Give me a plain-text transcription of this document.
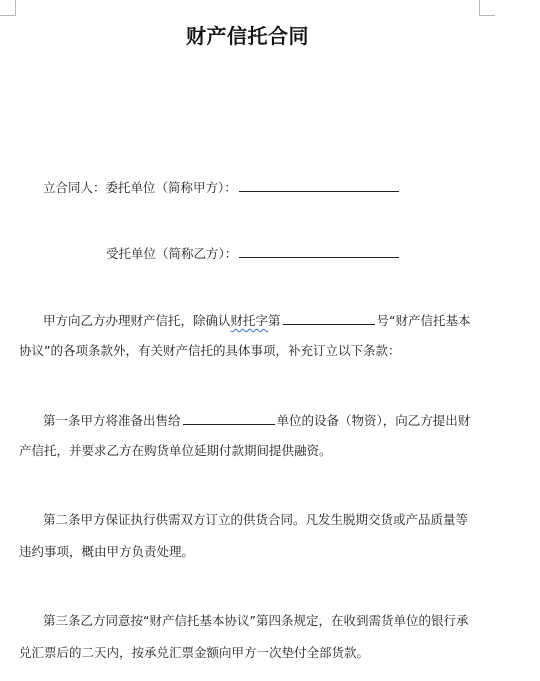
财产信托合同
立合同人：委托单位（简称甲方）：
受托单位（简称乙方）：
甲方向乙方办理财产信托，除确认财托字第	号“财产信托基本
协议”的各项条款外，有关财产信托的具体事项，补充订立以下条款：
第一条甲方将准备出售给	单位的设备（物资），向乙方提出财
产信托，并要求乙方在购货单位延期付款期间提供融资。
第二条甲方保证执行供需双方订立的供货合同。凡发生脱期交货或产品质量等
违约事项，概由甲方负责处理。
第三条乙方同意按“财产信托基本协议”第四条规定，在收到需货单位的银行承
兑汇票后的二天内，按承兑汇票金额向甲方一次垫付全部货款。
